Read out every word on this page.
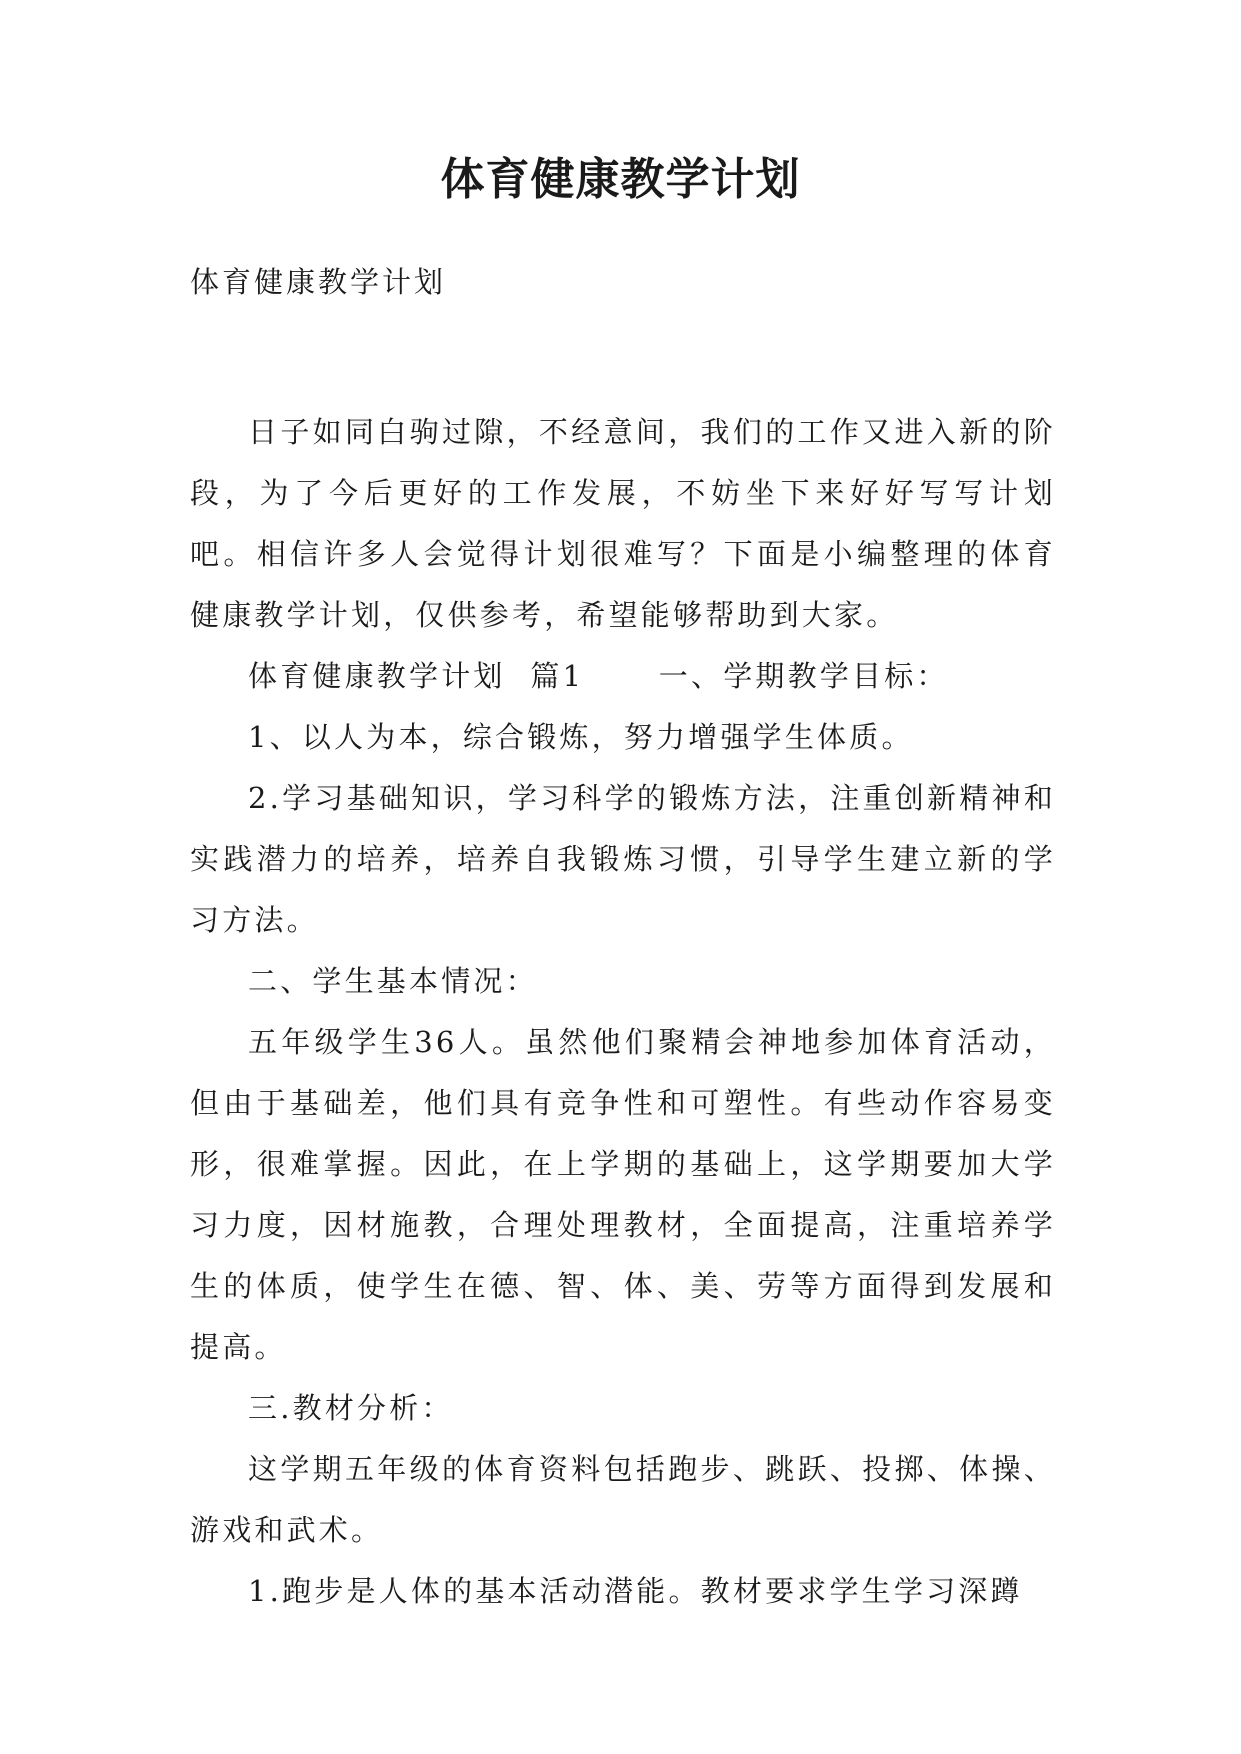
体育健康教学计划

体育健康教学计划

日子如同白驹过隙，不经意间，我们的工作又进入新的阶段，为了今后更好的工作发展，不妨坐下来好好写写计划吧。相信许多人会觉得计划很难写？下面是小编整理的体育健康教学计划，仅供参考，希望能够帮助到大家。

体育健康教学计划  篇1      一、学期教学目标：

1、以人为本，综合锻炼，努力增强学生体质。

2.学习基础知识，学习科学的锻炼方法，注重创新精神和实践潜力的培养，培养自我锻炼习惯，引导学生建立新的学习方法。

二、学生基本情况：

五年级学生36人。虽然他们聚精会神地参加体育活动，但由于基础差，他们具有竞争性和可塑性。有些动作容易变形，很难掌握。因此，在上学期的基础上，这学期要加大学习力度，因材施教，合理处理教材，全面提高，注重培养学生的体质，使学生在德、智、体、美、劳等方面得到发展和提高。

三.教材分析：

这学期五年级的体育资料包括跑步、跳跃、投掷、体操、游戏和武术。

1.跑步是人体的基本活动潜能。教材要求学生学习深蹲
